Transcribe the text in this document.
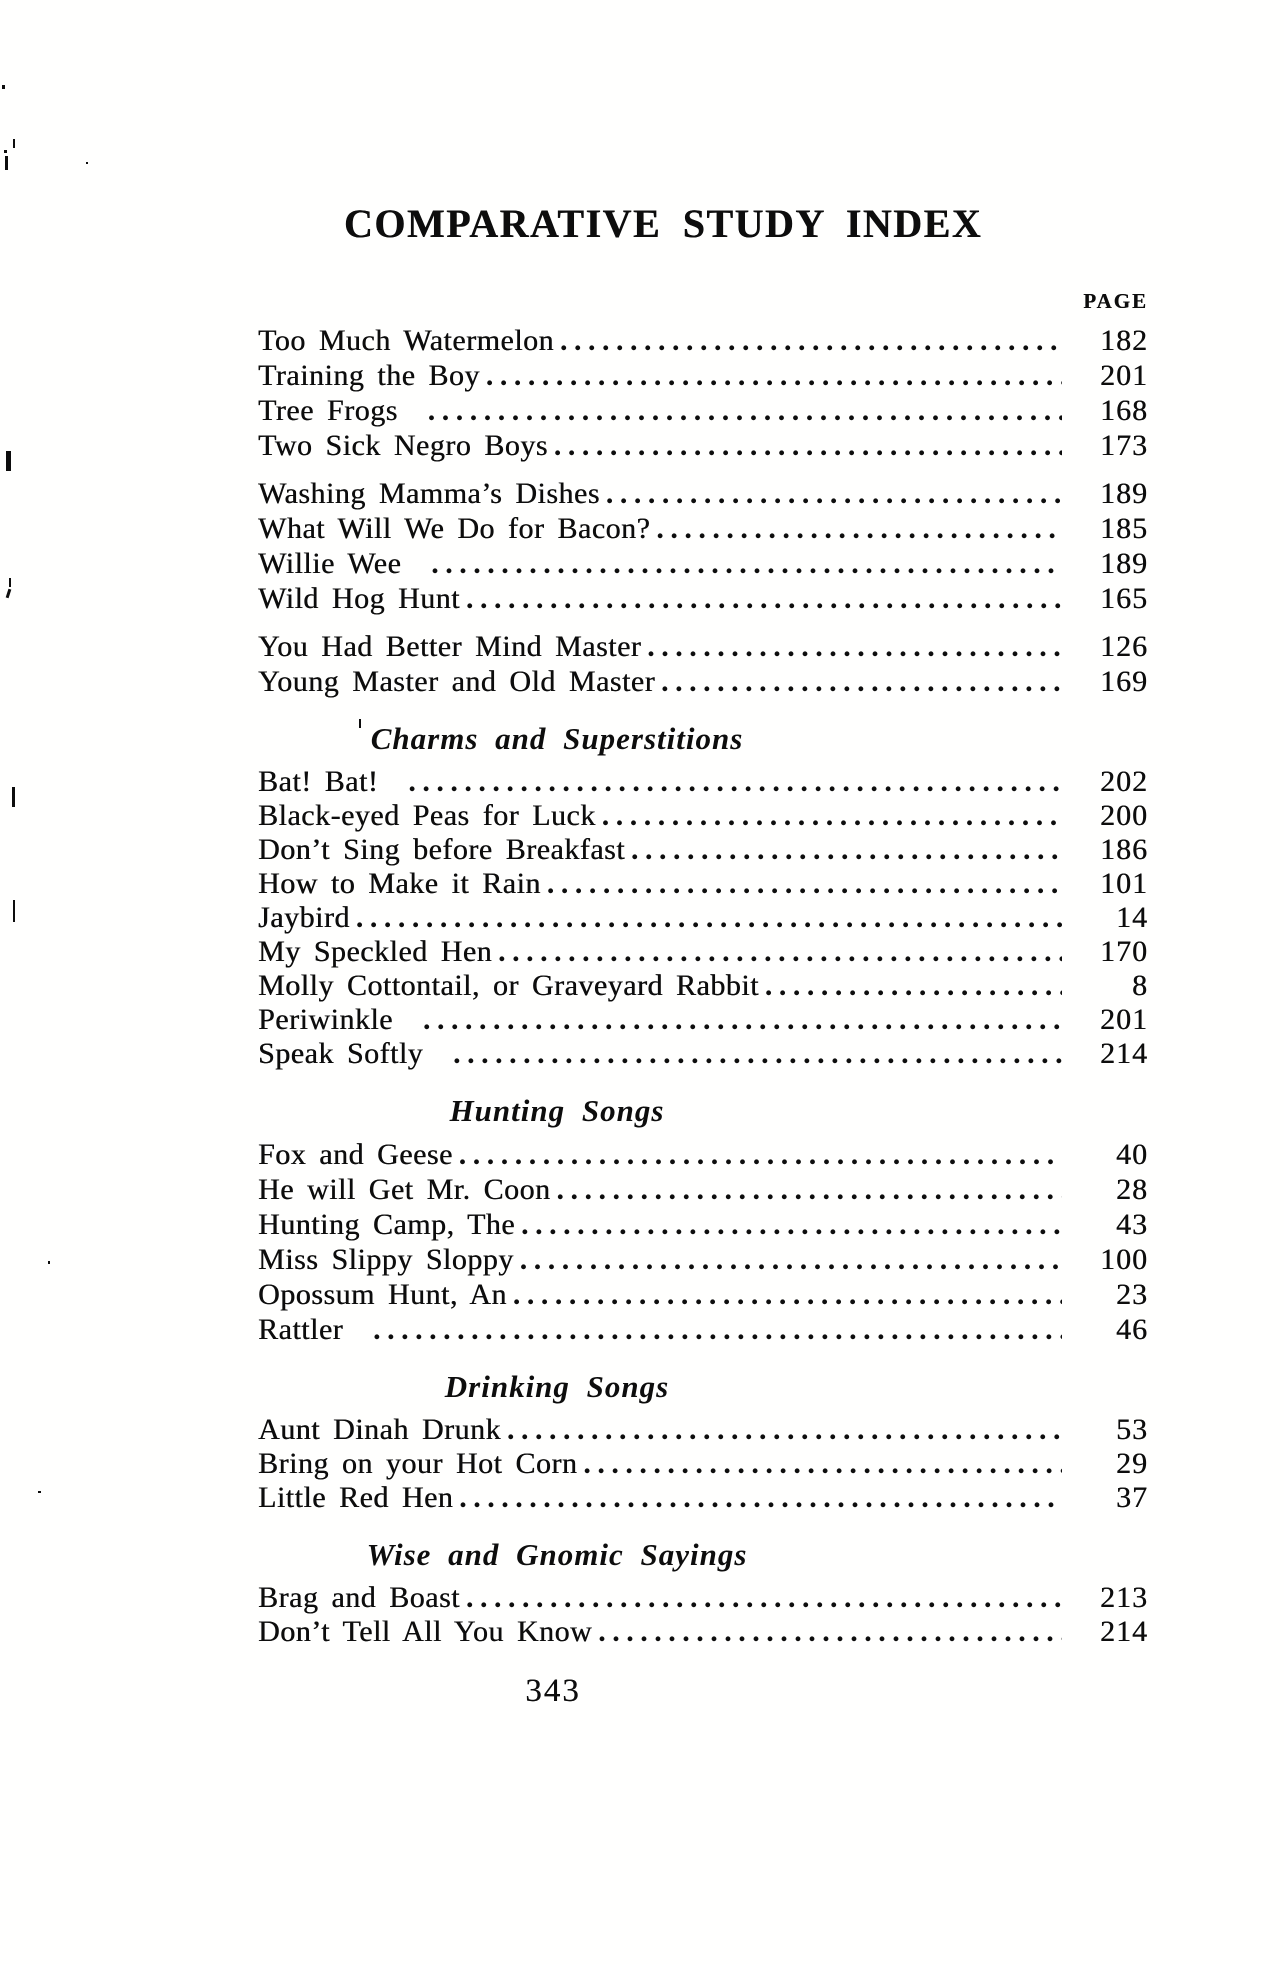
COMPARATIVE STUDY INDEX
PAGE
Too Much Watermelon .....	182
Training the Boy .....	201
Tree Frogs .....	168
Two Sick Negro Boys .....	173
Washing Mamma’s Dishes .....	189
What Will We Do for Bacon? .....	185
Willie Wee .....	189
Wild Hog Hunt .....	165
You Had Better Mind Master .....	126
Young Master and Old Master .....	169
Charms and Superstitions
Bat! Bat! .....	202
Black-eyed Peas for Luck .....	200
Don’t Sing before Breakfast .....	186
How to Make it Rain .....	101
Jaybird .....	14
My Speckled Hen .....	170
Molly Cottontail, or Graveyard Rabbit .....	8
Periwinkle .....	201
Speak Softly .....	214
Hunting Songs
Fox and Geese .....	40
He will Get Mr. Coon .....	28
Hunting Camp, The .....	43
Miss Slippy Sloppy .....	100
Opossum Hunt, An .....	23
Rattler .....	46
Drinking Songs
Aunt Dinah Drunk .....	53
Bring on your Hot Corn .....	29
Little Red Hen .....	37
Wise and Gnomic Sayings
Brag and Boast .....	213
Don’t Tell All You Know .....	214
343
